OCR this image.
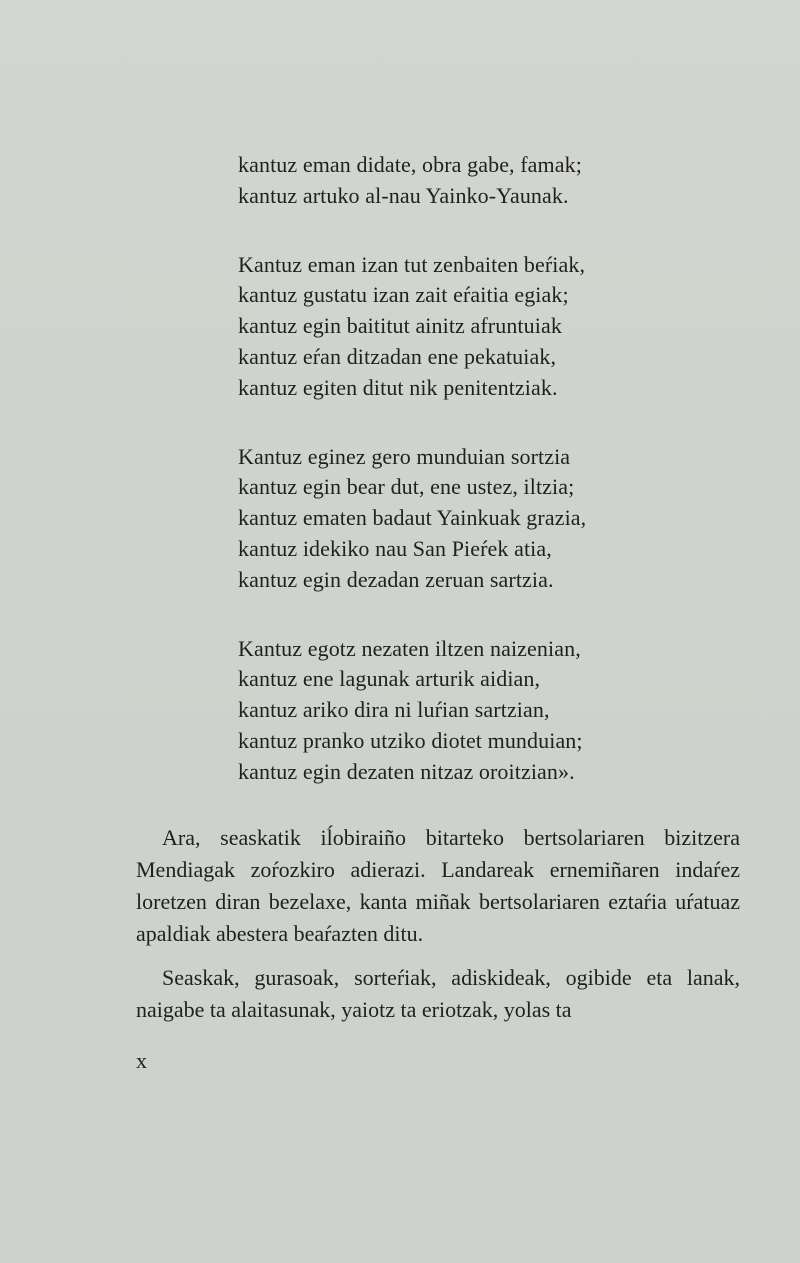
kantuz eman didate, obra gabe, famak;
kantuz artuko al-nau Yainko-Yaunak.
Kantuz eman izan tut zenbaiten beŕiak,
kantuz gustatu izan zait eŕaitia egiak;
kantuz egin baititut ainitz afruntuiak
kantuz eŕan ditzadan ene pekatuiak,
kantuz egiten ditut nik penitentziak.
Kantuz eginez gero munduian sortzia
kantuz egin bear dut, ene ustez, iltzia;
kantuz ematen badaut Yainkuak grazia,
kantuz idekiko nau San Pieŕek atia,
kantuz egin dezadan zeruan sartzia.
Kantuz egotz nezaten iltzen naizenian,
kantuz ene lagunak arturik aidian,
kantuz ariko dira ni luŕian sartzian,
kantuz pranko utziko diotet munduian;
kantuz egin dezaten nitzaz oroitzian».

Ara, seaskatik iĺobiraiño bitarteko bertsolariaren bizitzera Mendiagak zoŕozkiro adierazi. Landareak ernemiñaren indaŕez loretzen diran bezelaxe, kanta miñak bertsolariaren eztaŕia uŕatuaz apaldiak abestera beaŕazten ditu.

Seaskak, gurasoak, sorteŕiak, adiskideak, ogibide eta lanak, naigabe ta alaitasunak, yaiotz ta eriotzak, yolas ta

x
